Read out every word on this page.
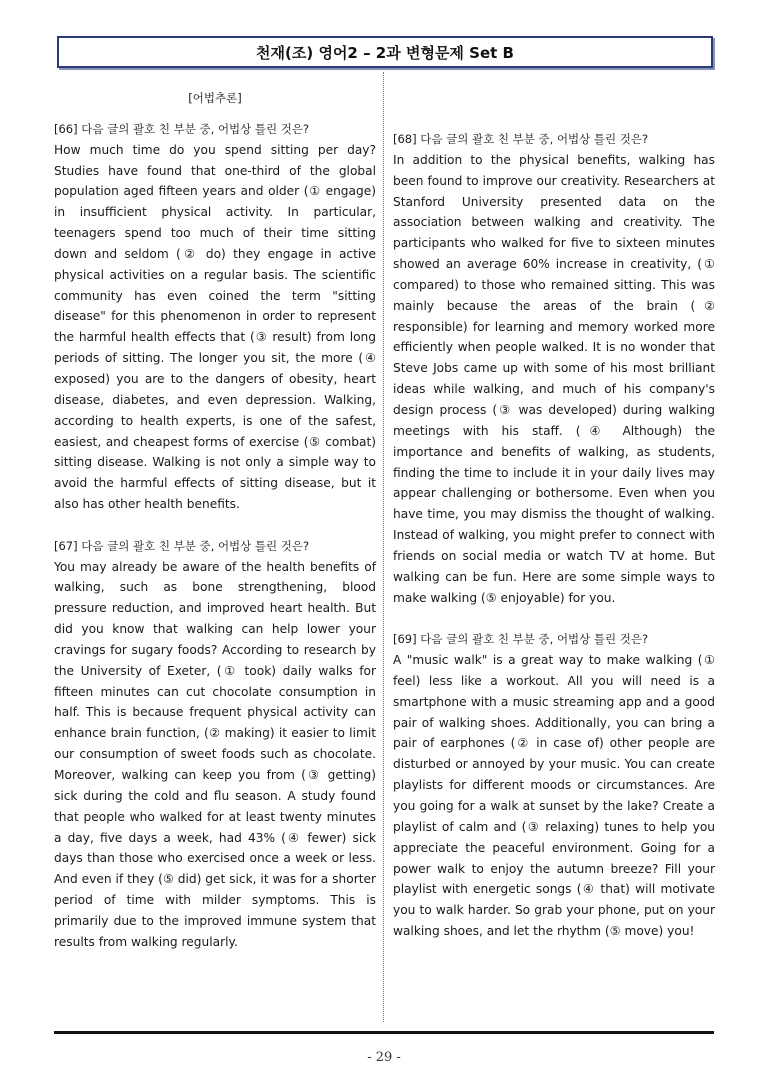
천재(조) 영어2 – 2과 변형문제 Set B
[어법추론]

[66] 다음 글의 괄호 친 부분 중, 어법상 틀린 것은?

How much time do you spend sitting per day? Studies have found that one-third of the global population aged fifteen years and older (① engage) in insufficient physical activity. In particular, teenagers spend too much of their time sitting down and seldom (② do) they engage in active physical activities on a regular basis. The scientific community has even coined the term "sitting disease" for this phenomenon in order to represent the harmful health effects that (③ result) from long periods of sitting. The longer you sit, the more (④ exposed) you are to the dangers of obesity, heart disease, diabetes, and even depression. Walking, according to health experts, is one of the safest, easiest, and cheapest forms of exercise (⑤ combat) sitting disease. Walking is not only a simple way to avoid the harmful effects of sitting disease, but it also has other health benefits.

[67] 다음 글의 괄호 친 부분 중, 어법상 틀린 것은?

You may already be aware of the health benefits of walking, such as bone strengthening, blood pressure reduction, and improved heart health. But did you know that walking can help lower your cravings for sugary foods? According to research by the University of Exeter, (① took) daily walks for fifteen minutes can cut chocolate consumption in half. This is because frequent physical activity can enhance brain function, (② making) it easier to limit our consumption of sweet foods such as chocolate. Moreover, walking can keep you from (③ getting) sick during the cold and flu season. A study found that people who walked for at least twenty minutes a day, five days a week, had 43% (④ fewer) sick days than those who exercised once a week or less. And even if they (⑤ did) get sick, it was for a shorter period of time with milder symptoms. This is primarily due to the improved immune system that results from walking regularly.

[68] 다음 글의 괄호 친 부분 중, 어법상 틀린 것은?

In addition to the physical benefits, walking has been found to improve our creativity. Researchers at Stanford University presented data on the association between walking and creativity. The participants who walked for five to sixteen minutes showed an average 60% increase in creativity, (① compared) to those who remained sitting. This was mainly because the areas of the brain (② responsible) for learning and memory worked more efficiently when people walked. It is no wonder that Steve Jobs came up with some of his most brilliant ideas while walking, and much of his company's design process (③ was developed) during walking meetings with his staff. (④ Although) the importance and benefits of walking, as students, finding the time to include it in your daily lives may appear challenging or bothersome. Even when you have time, you may dismiss the thought of walking. Instead of walking, you might prefer to connect with friends on social media or watch TV at home. But walking can be fun. Here are some simple ways to make walking (⑤ enjoyable) for you.

[69] 다음 글의 괄호 친 부분 중, 어법상 틀린 것은?

A "music walk" is a great way to make walking (① feel) less like a workout. All you will need is a smartphone with a music streaming app and a good pair of walking shoes. Additionally, you can bring a pair of earphones (② in case of) other people are disturbed or annoyed by your music. You can create playlists for different moods or circumstances. Are you going for a walk at sunset by the lake? Create a playlist of calm and (③ relaxing) tunes to help you appreciate the peaceful environment. Going for a power walk to enjoy the autumn breeze? Fill your playlist with energetic songs (④ that) will motivate you to walk harder. So grab your phone, put on your walking shoes, and let the rhythm (⑤ move) you!

- 29 -
